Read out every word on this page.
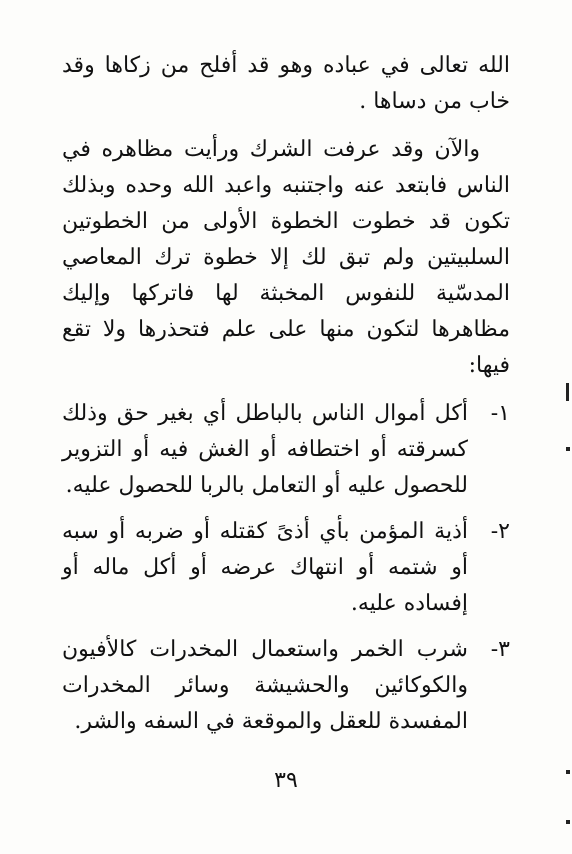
الله تعالى في عباده وهو قد أفلح من زكاها وقد خاب من دساها .

والآن وقد عرفت الشرك ورأيت مظاهره في الناس فابتعد عنه واجتنبه واعبد الله وحده وبذلك تكون قد خطوت الخطوة الأولى من الخطوتين السلبيتين ولم تبق لك إلا خطوة ترك المعاصي المدسّية للنفوس المخبثة لها فاتركها وإليك مظاهرها لتكون منها على علم فتحذرها ولا تقع فيها:

١-
أكل أموال الناس بالباطل أي بغير حق وذلك كسرقته أو اختطافه أو الغش فيه أو التزوير للحصول عليه أو التعامل بالربا للحصول عليه.
٢-
أذية المؤمن بأي أذىً كقتله أو ضربه أو سبه أو شتمه أو انتهاك عرضه أو أكل ماله أو إفساده عليه.
٣-
شرب الخمر واستعمال المخدرات كالأفيون والكوكائين والحشيشة وسائر المخدرات المفسدة للعقل والموقعة في السفه والشر.
٣٩
